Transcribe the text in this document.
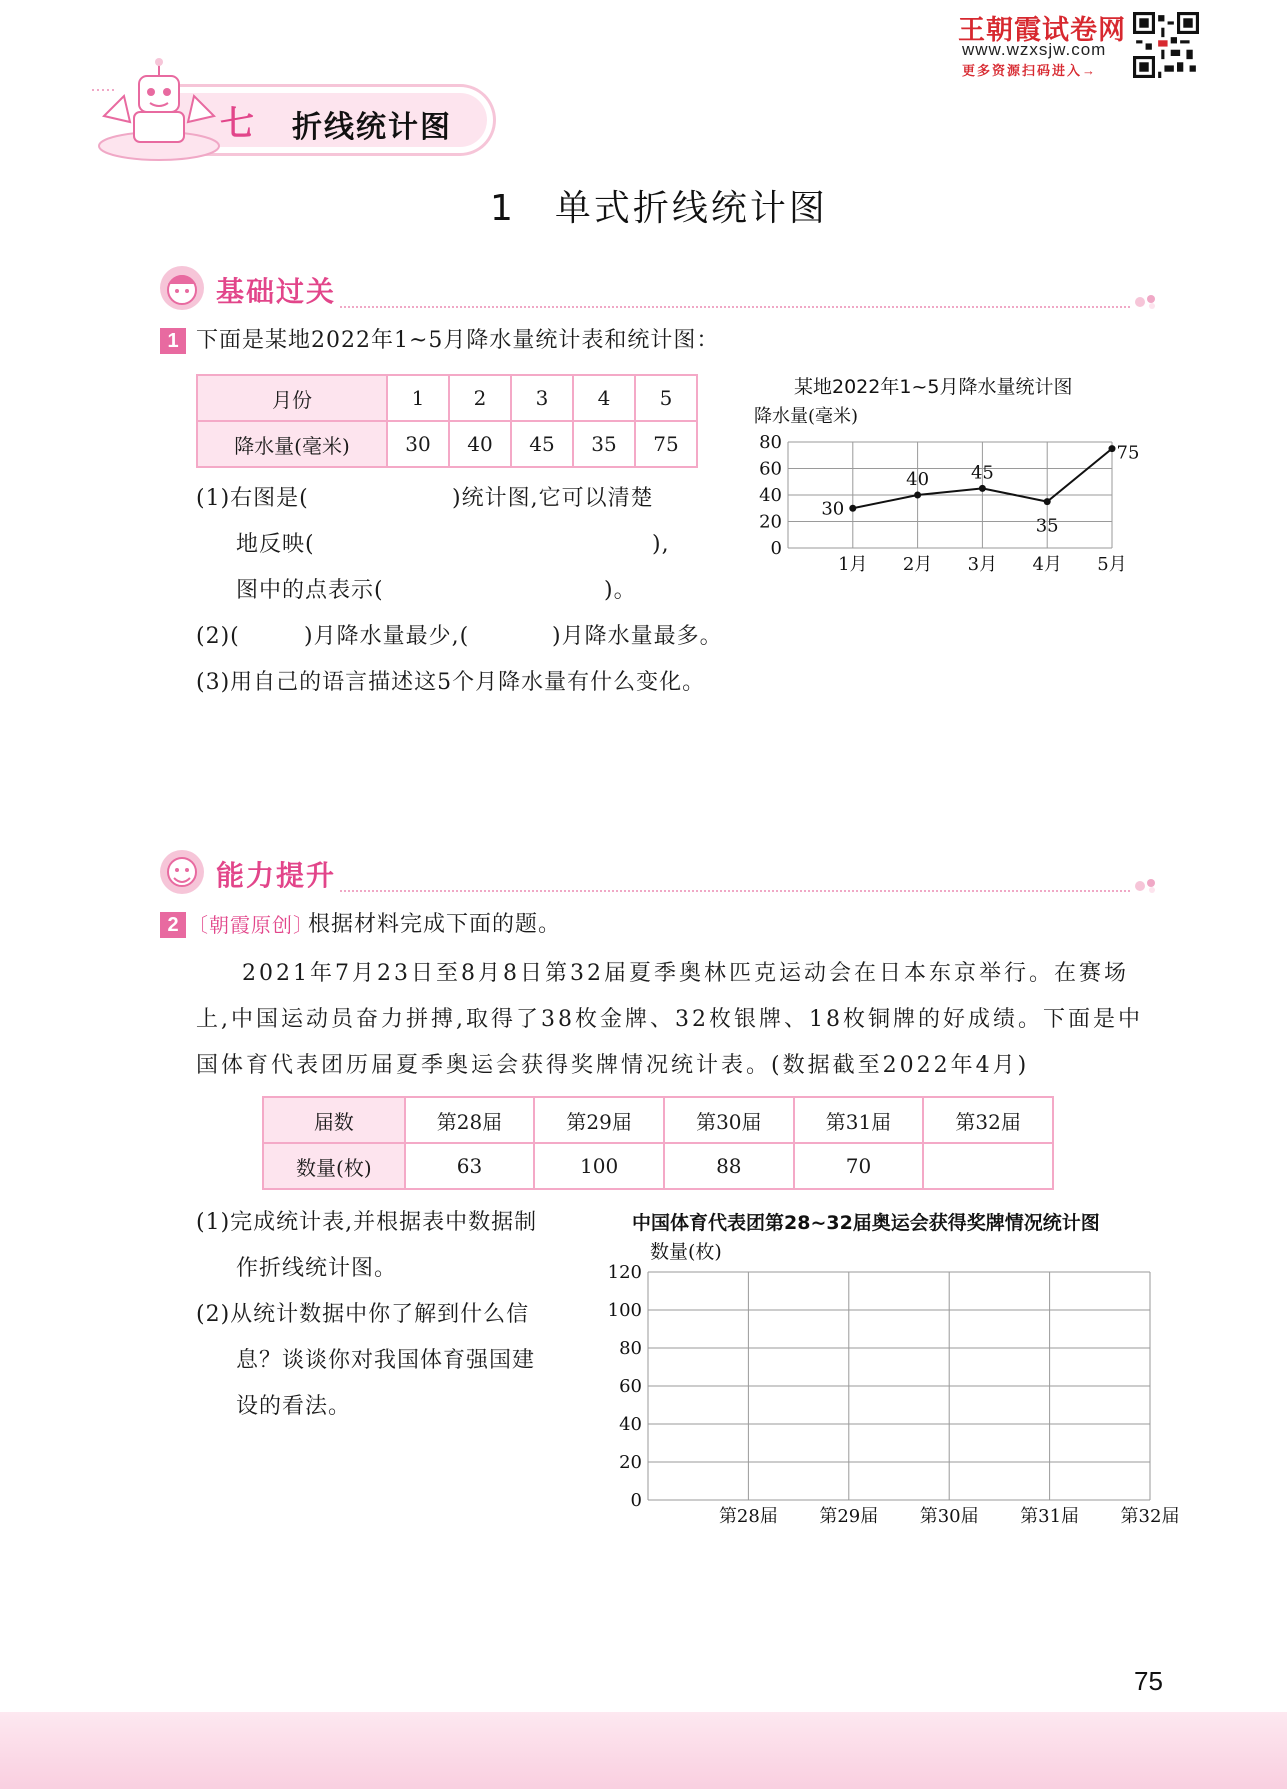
王朝霞试卷网
www.wzxsjw.com
更多资源扫码进入→
七 折线统计图
1　单式折线统计图
基础过关
1 下面是某地2022年1~5月降水量统计表和统计图：
月份	1	2	3	4	5
降水量(毫米)	30	40	45	35	75
某地2022年1~5月降水量统计图
降水量(毫米)
0
20
40
60
80
1月 2月 3月 4月 5月
30
40 45
35
75
(1)右图是(	)统计图,它可以清楚
地反映(	),
图中的点表示(	)。
(2)(	)月降水量最少,(	)月降水量最多。
(3)用自己的语言描述这5个月降水量有什么变化。
能力提升
2 〔朝霞原创〕
根据材料完成下面的题。
2021年7月23日至8月8日第32届夏季奥林匹克运动会在日本东京举行。在赛场
上,中国运动员奋力拼搏,取得了38枚金牌、32枚银牌、18枚铜牌的好成绩。下面是中
国体育代表团历届夏季奥运会获得奖牌情况统计表。(数据截至2022年4月)
届数	第28届	第29届	第30届	第31届	第32届
数量(枚)	63	100	88	70	
(1)完成统计表,并根据表中数据制
作折线统计图。
(2)从统计数据中你了解到什么信
息？谈谈你对我国体育强国建
设的看法。
中国体育代表团第28~32届奥运会获得奖牌情况统计图
数量(枚)
0
20
40
60
80
100
120
第28届 第29届 第30届 第31届 第32届
75
